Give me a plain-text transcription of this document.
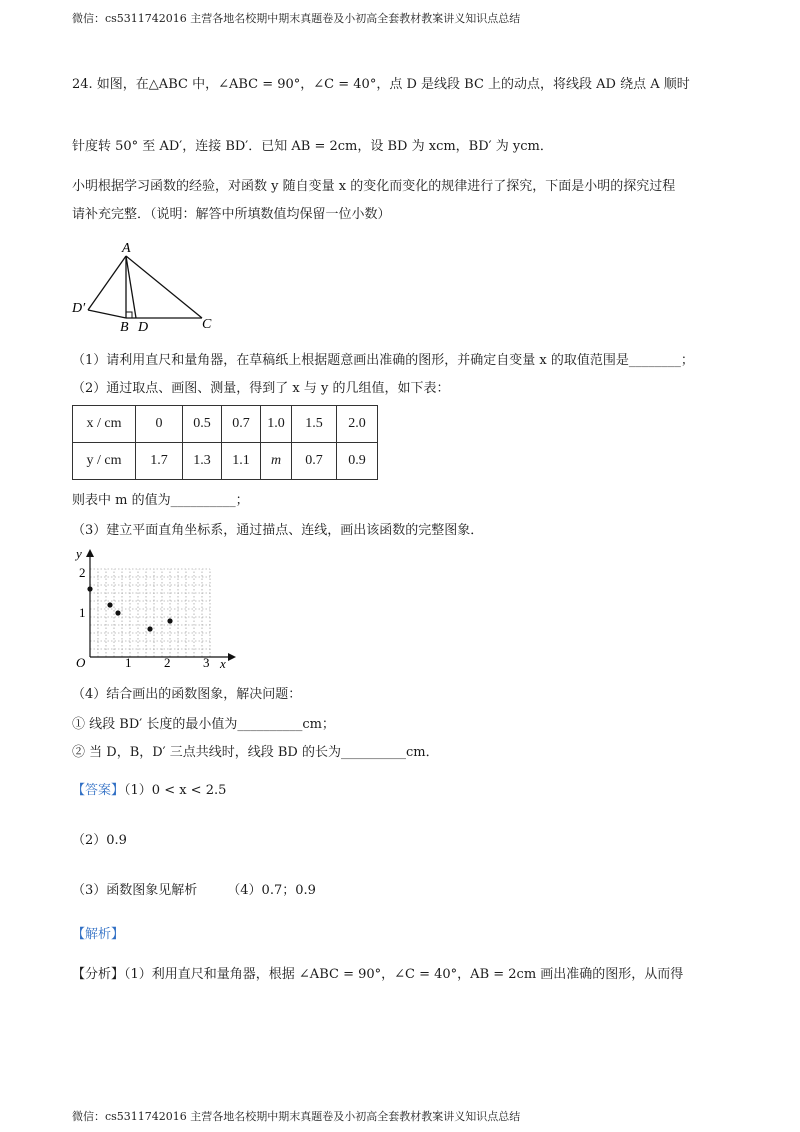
微信：cs5311742016 主营各地名校期中期末真题卷及小初高全套教材教案讲义知识点总结
24. 如图，在△ABC 中，∠ABC = 90°，∠C = 40°，点 D 是线段 BC 上的动点，将线段 AD 绕点 A 顺时
针度转 50° 至 AD′，连接 BD′．已知 AB = 2cm，设 BD 为 xcm，BD′ 为 ycm．
小明根据学习函数的经验，对函数 y 随自变量 x 的变化而变化的规律进行了探究，下面是小明的探究过程
请补充完整．（说明：解答中所填数值均保留一位小数）
A
B D	C
D′
（1）请利用直尺和量角器，在草稿纸上根据题意画出准确的图形，并确定自变量 x 的取值范围是________；
（2）通过取点、画图、测量，得到了 x 与 y 的几组值，如下表：
x / cm	0	0.5	0.7	1.0	1.5	2.0
y / cm	1.7	1.3	1.1	m	0.7	0.9
则表中 m 的值为__________；
（3）建立平面直角坐标系，通过描点、连线，画出该函数的完整图象．
x
y
O	1	2	3
1
2
（4）结合画出的函数图象，解决问题：
① 线段 BD′ 长度的最小值为__________cm；
② 当 D，B，D′ 三点共线时，线段 BD 的长为__________cm．
【答案】（1）0 < x < 2.5
（2）0.9
（3）函数图象见解析 （4）0.7；0.9
【解析】
【分析】（1）利用直尺和量角器，根据 ∠ABC = 90°，∠C = 40°，AB = 2cm 画出准确的图形，从而得
微信：cs5311742016 主营各地名校期中期末真题卷及小初高全套教材教案讲义知识点总结
